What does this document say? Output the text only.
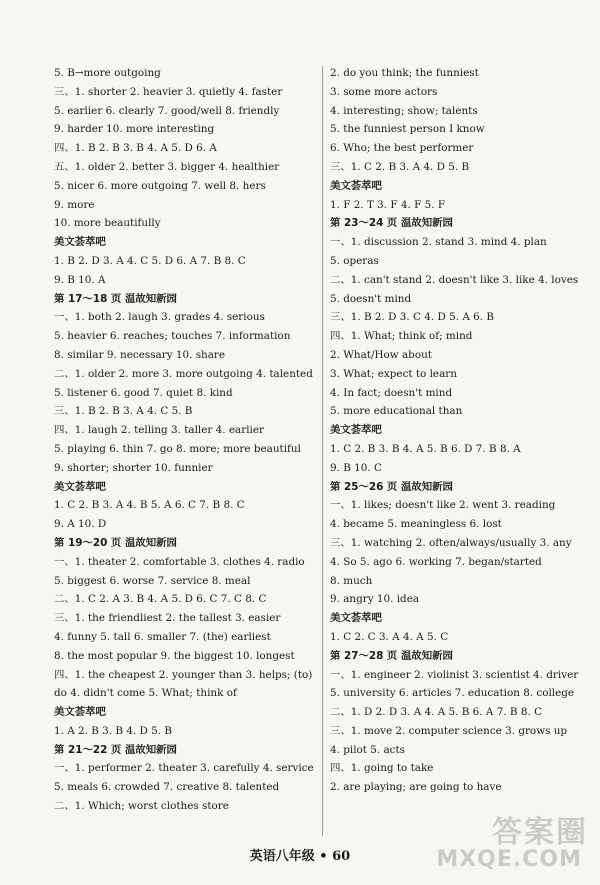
5. B→more outgoing
三、1. shorter 2. heavier 3. quietly 4. faster
5. earlier 6. clearly 7. good/well 8. friendly
9. harder 10. more interesting
四、1. B 2. B 3. B 4. A 5. D 6. A
五、1. older 2. better 3. bigger 4. healthier
5. nicer 6. more outgoing 7. well 8. hers
9. more
10. more beautifully
美文荟萃吧
1. B 2. D 3. A 4. C 5. D 6. A 7. B 8. C
9. B 10. A
第 17～18 页 温故知新园
一、1. both 2. laugh 3. grades 4. serious
5. heavier 6. reaches; touches 7. information
8. similar 9. necessary 10. share
二、1. older 2. more 3. more outgoing 4. talented
5. listener 6. good 7. quiet 8. kind
三、1. B 2. B 3. A 4. C 5. B
四、1. laugh 2. telling 3. taller 4. earlier
5. playing 6. thin 7. go 8. more; more beautiful
9. shorter; shorter 10. funnier
美文荟萃吧
1. C 2. B 3. A 4. B 5. A 6. C 7. B 8. C
9. A 10. D
第 19～20 页 温故知新园
一、1. theater 2. comfortable 3. clothes 4. radio
5. biggest 6. worse 7. service 8. meal
二、1. C 2. A 3. B 4. A 5. D 6. C 7. C 8. C
三、1. the friendliest 2. the tallest 3. easier
4. funny 5. tall 6. smaller 7. (the) earliest
8. the most popular 9. the biggest 10. longest
四、1. the cheapest 2. younger than 3. helps; (to)
do 4. didn't come 5. What; think of
美文荟萃吧
1. A 2. B 3. B 4. D 5. B
第 21～22 页 温故知新园
一、1. performer 2. theater 3. carefully 4. service
5. meals 6. crowded 7. creative 8. talented
二、1. Which; worst clothes store
2. do you think; the funniest
3. some more actors
4. interesting; show; talents
5. the funniest person I know
6. Who; the best performer
三、1. C 2. B 3. A 4. D 5. B
美文荟萃吧
1. F 2. T 3. F 4. F 5. F
第 23～24 页 温故知新园
一、1. discussion 2. stand 3. mind 4. plan
5. operas
二、1. can't stand 2. doesn't like 3. like 4. loves
5. doesn't mind
三、1. B 2. D 3. C 4. D 5. A 6. B
四、1. What; think of; mind
2. What/How about
3. What; expect to learn
4. In fact; doesn't mind
5. more educational than
美文荟萃吧
1. C 2. B 3. B 4. A 5. B 6. D 7. B 8. A
9. B 10. C
第 25～26 页 温故知新园
一、1. likes; doesn't like 2. went 3. reading
4. became 5. meaningless 6. lost
三、1. watching 2. often/always/usually 3. any
4. So 5. ago 6. working 7. began/started
8. much
9. angry 10. idea
美文荟萃吧
1. C 2. C 3. A 4. A 5. C
第 27～28 页 温故知新园
一、1. engineer 2. violinist 3. scientist 4. driver
5. university 6. articles 7. education 8. college
二、1. D 2. D 3. A 4. A 5. B 6. A 7. B 8. C
三、1. move 2. computer science 3. grows up
4. pilot 5. acts
四、1. going to take
2. are playing; are going to have
英语八年级 • 60
答案圈
MXQE.COM
